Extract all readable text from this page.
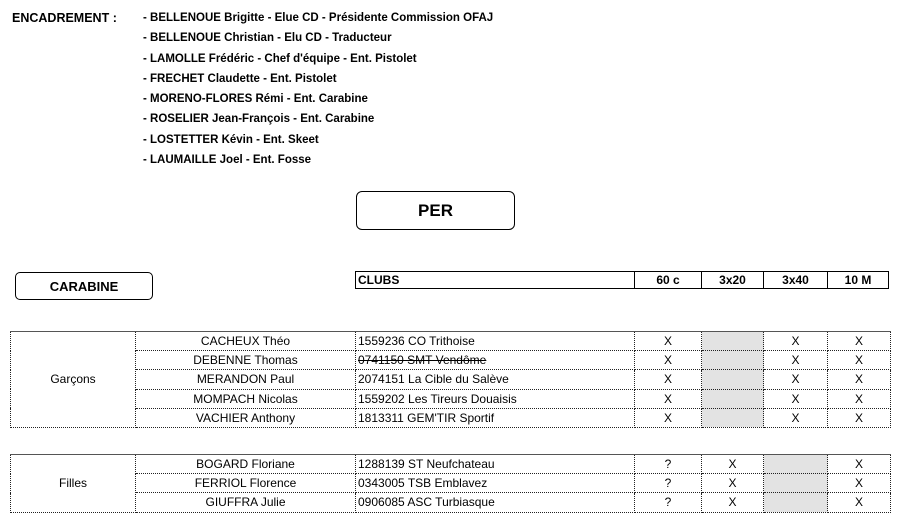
ENCADREMENT : - BELLENOUE Brigitte - Elue CD - Présidente Commission OFAJ
- BELLENOUE Christian - Elu CD - Traducteur
- LAMOLLE Frédéric - Chef d'équipe - Ent. Pistolet
- FRECHET Claudette - Ent. Pistolet
- MORENO-FLORES Rémi - Ent. Carabine
- ROSELIER Jean-François - Ent. Carabine
- LOSTETTER Kévin - Ent. Skeet
- LAUMAILLE Joel - Ent. Fosse
PER
CARABINE	CLUBS	60 c	3x20	3x40	10 M
Garçons	CACHEUX Théo	1559236 CO Trithoise	X		X	X
	DEBENNE Thomas	0741150 SMT Vendôme	X		X	X
	MERANDON Paul	2074151 La Cible du Salève	X		X	X
	MOMPACH Nicolas	1559202 Les Tireurs Douaisis	X		X	X
	VACHIER Anthony	1813311 GEM'TIR Sportif	X		X	X
Filles	BOGARD Floriane	1288139 ST Neufchateau	?	X		X
	FERRIOL Florence	0343005 TSB Emblavez	?	X		X
	GIUFFRA Julie	0906085 ASC Turbiasque	?	X		X
